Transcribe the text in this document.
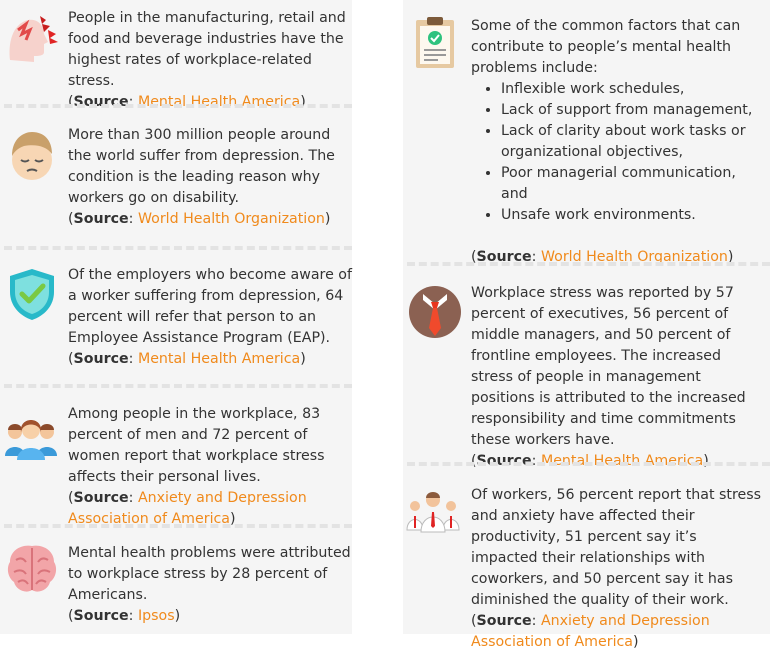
People in the manufacturing, retail and food and beverage industries have the highest rates of workplace-related stress.
(Source: Mental Health America)
More than 300 million people around the world suffer from depression. The condition is the leading reason why workers go on disability.
(Source: World Health Organization)
Of the employers who become aware of a worker suffering from depression, 64 percent will refer that person to an Employee Assistance Program (EAP).
(Source: Mental Health America)
Among people in the workplace, 83 percent of men and 72 percent of women report that workplace stress affects their personal lives.
(Source: Anxiety and Depression Association of America)
Mental health problems were attributed to workplace stress by 28 percent of Americans.
(Source: Ipsos)
Some of the common factors that can contribute to people’s mental health problems include:
• Inflexible work schedules,
• Lack of support from management,
• Lack of clarity about work tasks or organizational objectives,
• Poor managerial communication, and
• Unsafe work environments.
(Source: World Health Organization)
Workplace stress was reported by 57 percent of executives, 56 percent of middle managers, and 50 percent of frontline employees. The increased stress of people in management positions is attributed to the increased responsibility and time commitments these workers have.
(Source: Mental Health America)
Of workers, 56 percent report that stress and anxiety have affected their productivity, 51 percent say it’s impacted their relationships with coworkers, and 50 percent say it has diminished the quality of their work.
(Source: Anxiety and Depression Association of America)
